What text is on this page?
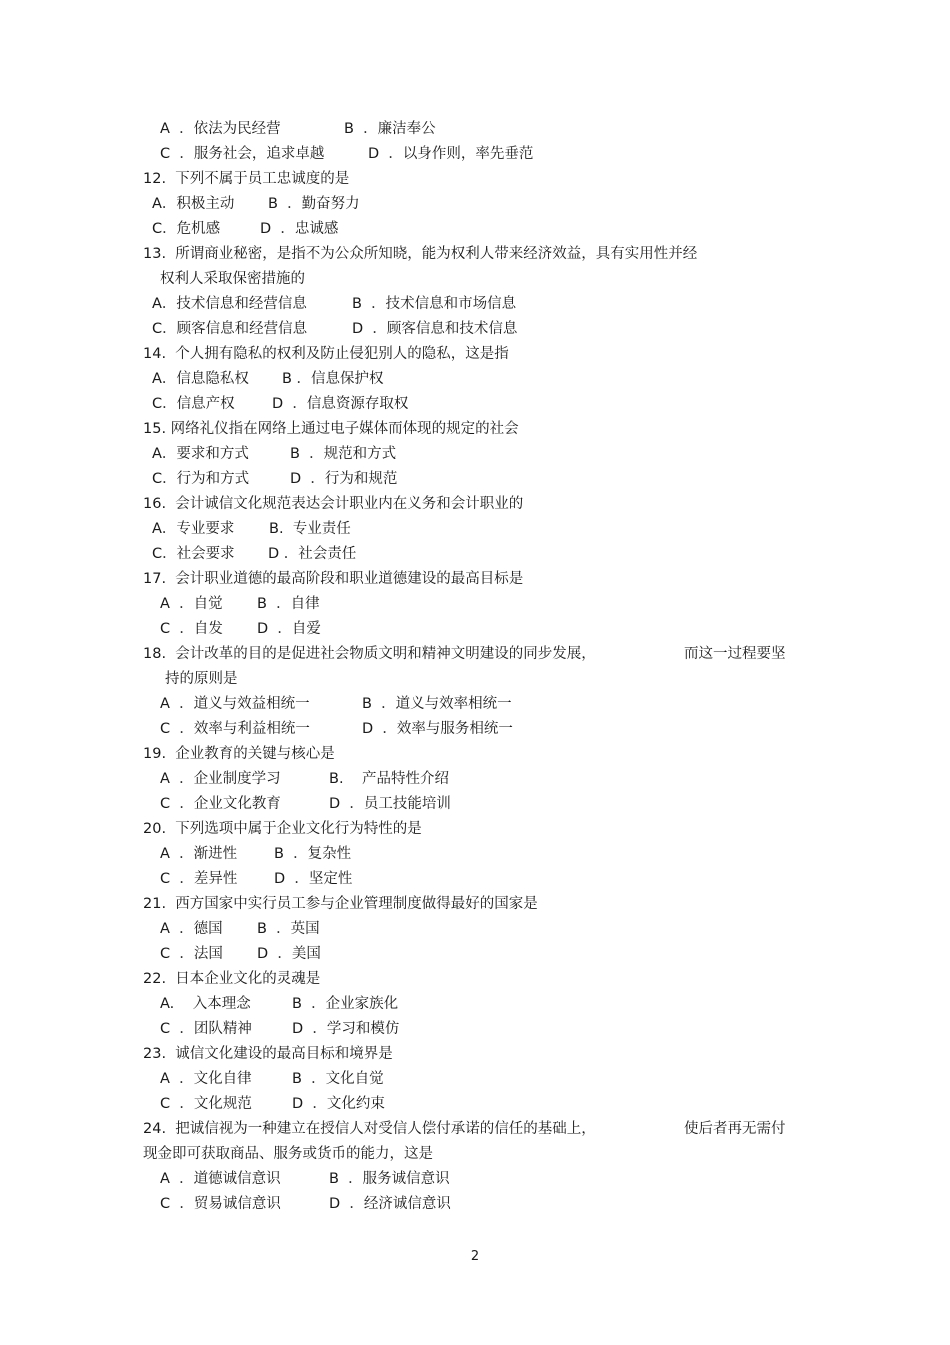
A  ．依法为民经营	B  ．廉洁奉公
C  ．服务社会，追求卓越	D  ．以身作则，率先垂范
12.  下列不属于员工忠诚度的是
A．积极主动 B  ．勤奋努力
C．危机感	D  ．忠诚感
13.  所谓商业秘密，是指不为公众所知晓，能为权利人带来经济效益，具有实用性并经
权利人采取保密措施的
A．技术信息和经营信息	B  ．技术信息和市场信息
C．顾客信息和经营信息	D  ．顾客信息和技术信息
14.  个人拥有隐私的权利及防止侵犯别人的隐私，这是指
A．信息隐私权 B ．信息保护权
C．信息产权	D  ．信息资源存取权
15. 网络礼仪指在网络上通过电子媒体而体现的规定的社会
A．要求和方式	B  ．规范和方式
C．行为和方式	D  ．行为和规范
16.  会计诚信文化规范表达会计职业内在义务和会计职业的
A．专业要求 B.  专业责任
C．社会要求 D ．社会责任
17.  会计职业道德的最高阶段和职业道德建设的最高目标是
A  ．自觉 B  ．自律
C  ．自发 D  ．自爱
18.  会计改革的目的是促进社会物质文明和精神文明建设的同步发展，	而这一过程要坚
持的原则是
A  ．道义与效益相统一	B  ．道义与效率相统一
C  ．效率与利益相统一	D  ．效率与服务相统一
19.  企业教育的关键与核心是
A  ．企业制度学习	B.    产品特性介绍
C  ．企业文化教育	D  ．员工技能培训
20.  下列选项中属于企业文化行为特性的是
A  ．渐进性	B  ．复杂性
C  ．差异性	D  ．坚定性
21.  西方国家中实行员工参与企业管理制度做得最好的国家是
A  ．德国 B  ．英国
C  ．法国 D  ．美国
22.  日本企业文化的灵魂是
A.    入本理念	B  ．企业家族化
C  ．团队精神	D  ．学习和模仿
23.  诚信文化建设的最高目标和境界是
A  ．文化自律	B  ．文化自觉
C  ．文化规范	D  ．文化约束
24.  把诚信视为一种建立在授信人对受信人偿付承诺的信任的基础上，	使后者再无需付
现金即可获取商品、服务或货币的能力，这是
A  ．道德诚信意识	B  ．服务诚信意识
C  ．贸易诚信意识	D  ．经济诚信意识
2
